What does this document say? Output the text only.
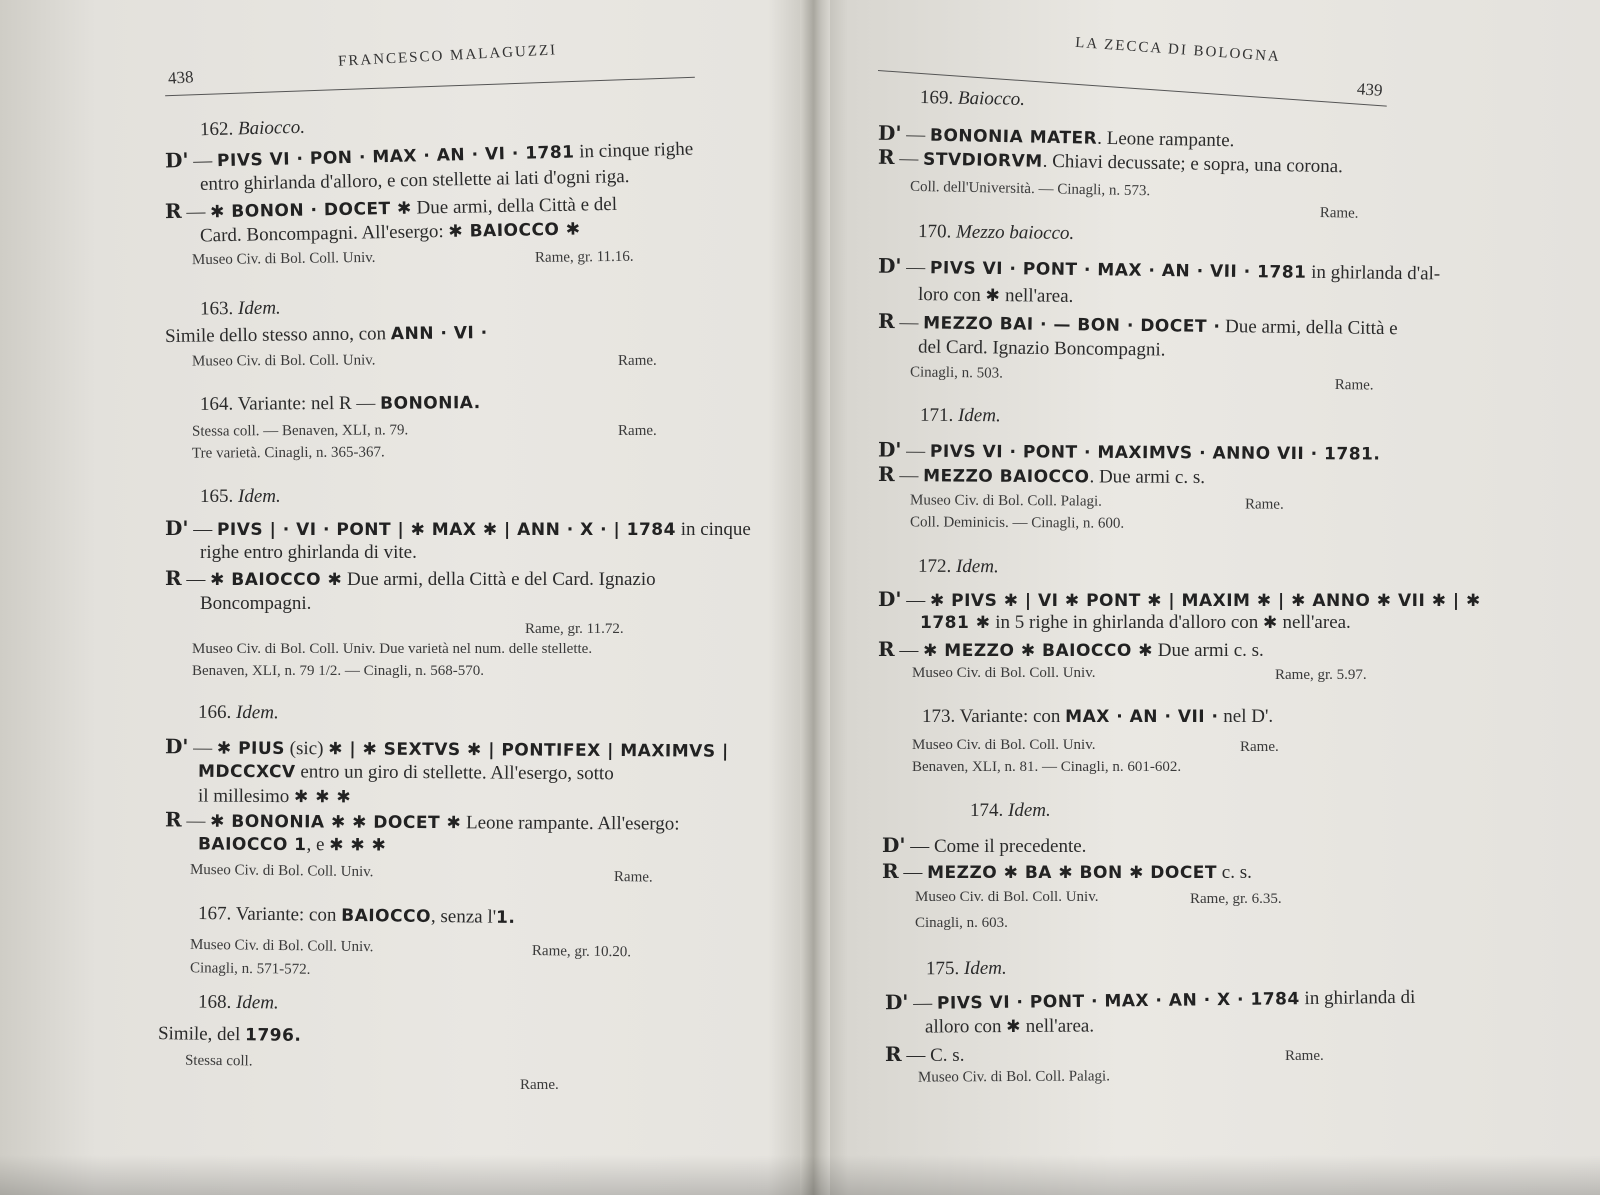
438
FRANCESCO MALAGUZZI
162. Baiocco.
D' — PIVS VI · PON · MAX · AN · VI · 1781 in cinque righe
entro ghirlanda d'alloro, e con stellette ai lati d'ogni riga.
R — ✱ BONON · DOCET ✱ Due armi, della Città e del
Card. Boncompagni. All'esergo: ✱ BAIOCCO ✱
Museo Civ. di Bol. Coll. Univ.	Rame, gr. 11.16.
163. Idem.
Simile dello stesso anno, con ANN · VI ·
Museo Civ. di Bol. Coll. Univ.	Rame.
164. Variante: nel R — BONONIA.
Stessa coll. — Benaven, XLI, n. 79.	Rame.
Tre varietà. Cinagli, n. 365-367.
165. Idem.
D' — PIVS | · VI · PONT | ✱ MAX ✱ | ANN · X · | 1784 in cinque
righe entro ghirlanda di vite.
R — ✱ BAIOCCO ✱ Due armi, della Città e del Card. Ignazio
Boncompagni.
Rame, gr. 11.72.
Museo Civ. di Bol. Coll. Univ. Due varietà nel num. delle stellette.
Benaven, XLI, n. 79 1/2. — Cinagli, n. 568-570.
166. Idem.
D' — ✱ PIUS (sic) ✱ | ✱ SEXTVS ✱ | PONTIFEX | MAXIMVS |
MDCCXCV entro un giro di stellette. All'esergo, sotto
il millesimo ✱ ✱ ✱
R — ✱ BONONIA ✱ ✱ DOCET ✱ Leone rampante. All'esergo:
BAIOCCO 1, e ✱ ✱ ✱
Museo Civ. di Bol. Coll. Univ.	Rame.
167. Variante: con BAIOCCO, senza l'1.
Museo Civ. di Bol. Coll. Univ.	Rame, gr. 10.20.
Cinagli, n. 571-572.
168. Idem.
Simile, del 1796.
Stessa coll.
Rame.
LA ZECCA DI BOLOGNA
439
169. Baiocco.
D' — BONONIA MATER. Leone rampante.
R — STVDIORVM. Chiavi decussate; e sopra, una corona.
Coll. dell'Università. — Cinagli, n. 573.
Rame.
170. Mezzo baiocco.
D' — PIVS VI · PONT · MAX · AN · VII · 1781 in ghirlanda d'al-
loro con ✱ nell'area.
R — MEZZO BAI · — BON · DOCET · Due armi, della Città e
del Card. Ignazio Boncompagni.
Cinagli, n. 503.
Rame.
171. Idem.
D' — PIVS VI · PONT · MAXIMVS · ANNO VII · 1781.
R — MEZZO BAIOCCO. Due armi c. s.
Museo Civ. di Bol. Coll. Palagi.	Rame.
Coll. Deminicis. — Cinagli, n. 600.
172. Idem.
D' — ✱ PIVS ✱ | VI ✱ PONT ✱ | MAXIM ✱ | ✱ ANNO ✱ VII ✱ | ✱
1781 ✱ in 5 righe in ghirlanda d'alloro con ✱ nell'area.
R — ✱ MEZZO ✱ BAIOCCO ✱ Due armi c. s.
Museo Civ. di Bol. Coll. Univ.	Rame, gr. 5.97.
173. Variante: con MAX · AN · VII · nel D'.
Museo Civ. di Bol. Coll. Univ.	Rame.
Benaven, XLI, n. 81. — Cinagli, n. 601-602.
174. Idem.
D' — Come il precedente.
R — MEZZO ✱ BA ✱ BON ✱ DOCET c. s.
Museo Civ. di Bol. Coll. Univ.	Rame, gr. 6.35.
Cinagli, n. 603.
175. Idem.
D' — PIVS VI · PONT · MAX · AN · X · 1784 in ghirlanda di
alloro con ✱ nell'area.
R — C. s.	Rame.
Museo Civ. di Bol. Coll. Palagi.
